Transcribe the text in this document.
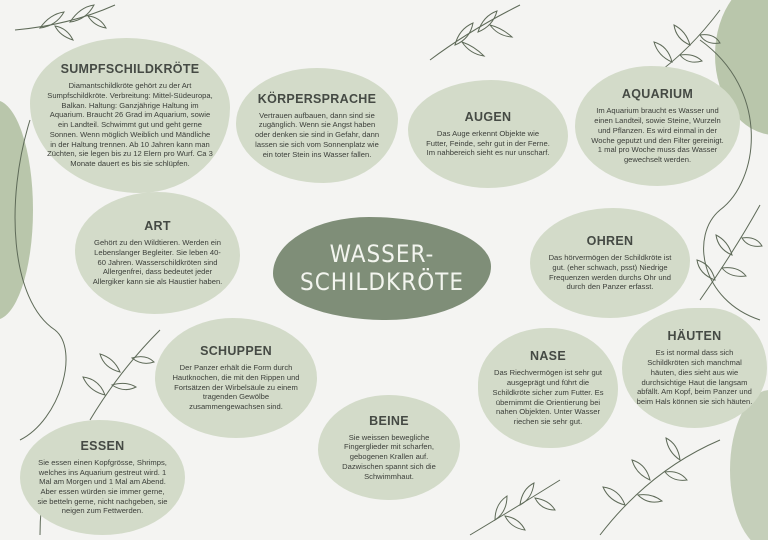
WASSER-
SCHILDKRÖTE
SUMPFSCHILDKRÖTE

Diamantschildkröte gehört zu der Art Sumpfschildkröte. Verbreitung: Mittel-Südeuropa, Balkan. Haltung: Ganzjährige Haltung im Aquarium. Braucht 26 Grad im Aquarium, sowie ein Landteil. Schwimmt gut und geht gerne Sonnen. Wenn möglich Weiblich und Mändliche in der Haltung trennen. Ab 10 Jahren kann man Züchten, sie legen bis zu 12 Elern pro Wurf. Ca 3 Monate dauert es bis sie schlüpfen.

KÖRPERSPRACHE

Vertrauen aufbauen, dann sind sie zugänglich. Wenn sie Angst haben oder denken sie sind in Gefahr, dann lassen sie sich vom Sonnenplatz wie ein toter Stein ins Wasser fallen.

AUGEN

Das Auge erkennt Objekte wie Futter, Feinde, sehr gut in der Ferne. Im nahbereich sieht es nur unscharf.

AQUARIUM

Im Aquarium braucht es Wasser und einen Landteil, sowie Steine, Wurzeln und Pflanzen. Es wird einmal in der Woche geputzt und den Filter gereinigt. 1 mal pro Woche muss das Wasser gewechselt werden.

ART

Gehört zu den Wildtieren. Werden ein Lebenslanger Begleiter. Sie leben 40-60 Jahren. Wasserschildkröten sind Allergenfrei, dass bedeutet jeder Allergiker kann sie als Haustier haben.

OHREN

Das hörvermögen der Schildkröte ist gut. (eher schwach, psst) Niedrige Frequenzen werden durchs Ohr und durch den Panzer erfasst.

SCHUPPEN

Der Panzer erhält die Form durch Hautknochen, die mit den Rippen und Fortsätzen der Wirbelsäule zu einem tragenden Gewölbe zusammengewachsen sind.

NASE

Das Riechvermögen ist sehr gut ausgeprägt und führt die Schildkröte sicher zum Futter. Es übernimmt die Orientierung bei nahen Objekten. Unter Wasser riechen sie sehr gut.

HÄUTEN

Es ist normal dass sich Schildkröten sich manchmal häuten, dies sieht aus wie durchsichtige Haut die langsam abfällt. Am Kopf, beim Panzer und beim Hals können sie sich häuten.

BEINE

Sie weissen bewegliche Fingerglieder mit scharfen, gebogenen Krallen auf. Dazwischen spannt sich die Schwimmhaut.

ESSEN

Sie essen einen Kopfgrösse, Shrimps, welches ins Aquarium gestreut wird. 1 Mal am Morgen und 1 Mal am Abend. Aber essen würden sie immer gerne, sie betteln gerne, nicht nachgeben, sie neigen zum Fettwerden.
